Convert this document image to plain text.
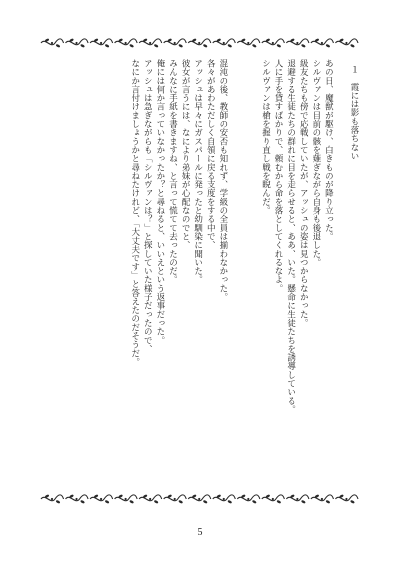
１　霞には影も落ちない
あの日、魔獣が駆け、白きものが降り立った。
シルヴァンは目前の骸を薙ぎながら自身も後退した。
級友たちも傍で応戦していたが、アッシュの姿は見つからなかった。
退避する生徒たちの群れに目を走らせると、ああ、いた。懸命に生徒たちを誘導している。
人に手を貸すばかりで、頼むから命を落としてくれるなよ。
シルヴァンは槍を握り直し戦を睨んだ。
混沌の後、教師の安否も知れず、学級の全員は揃わなかった。
各々があわただしく自領に戻る支度をする中で、
アッシュは早々にガスパールに発ったと幼馴染に聞いた。
彼女が言うには、なにより弟妹が心配なのでと、
みんなに手紙を書きますね、と言って慌てて去ったのだ。
俺には何か言っていなかったか？と尋ねると、いいえという返事だった。
アッシュは急ぎながらも「シルヴァンは？」と探していた様子だったので、
なにか言付けましょうかと尋ねたけれど、「大丈夫です」と答えたのだそうだ。
5
